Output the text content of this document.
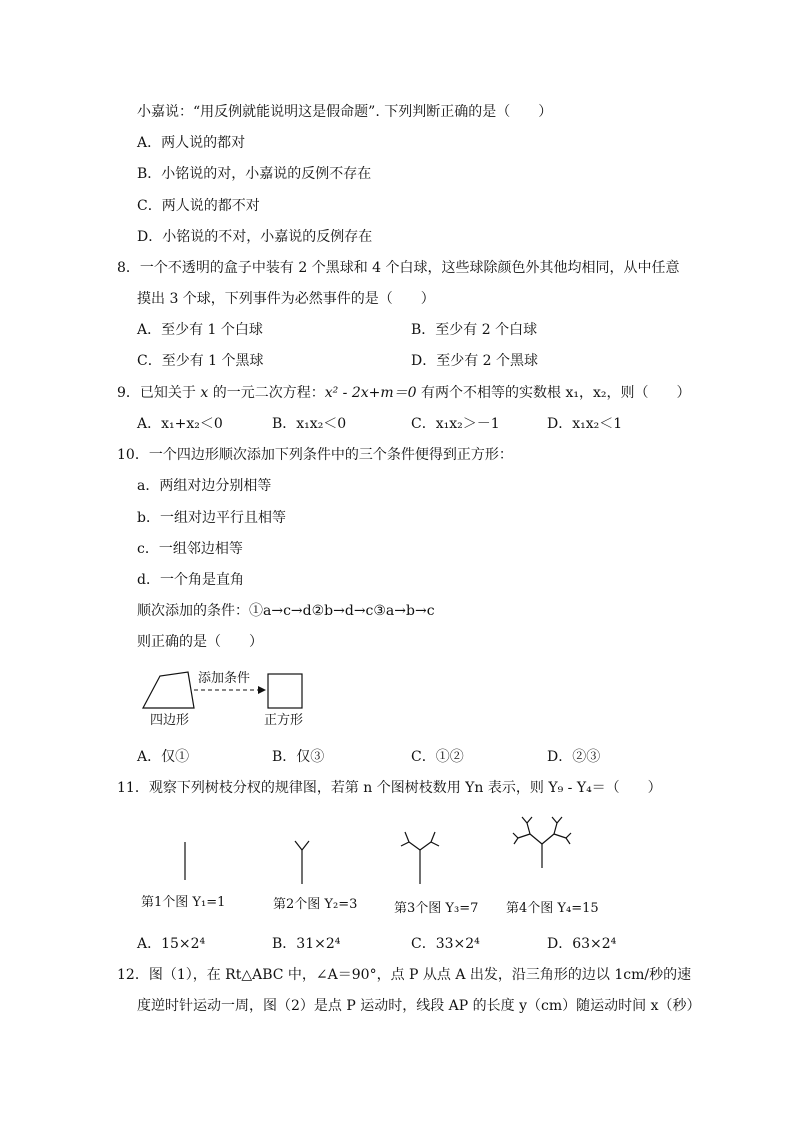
小嘉说：“用反例就能说明这是假命题”. 下列判断正确的是（　　）
A．两人说的都对
B．小铭说的对，小嘉说的反例不存在
C．两人说的都不对
D．小铭说的不对，小嘉说的反例存在
8．一个不透明的盒子中装有 2 个黑球和 4 个白球，这些球除颜色外其他均相同，从中任意
摸出 3 个球，下列事件为必然事件的是（　　）
A．至少有 1 个白球	B．至少有 2 个白球
C．至少有 1 个黑球	D．至少有 2 个黑球
9．已知关于 x 的一元二次方程：x² - 2x+m＝0 有两个不相等的实数根 x₁，x₂，则（　　）
A．x₁+x₂＜0	B．x₁x₂＜0	C．x₁x₂＞－1	D．x₁x₂＜1
10．一个四边形顺次添加下列条件中的三个条件便得到正方形：
a．两组对边分别相等
b．一组对边平行且相等
c．一组邻边相等
d．一个角是直角
顺次添加的条件：①a→c→d②b→d→c③a→b→c
则正确的是（　　）
添加条件
四边形	正方形
A．仅①	B．仅③	C．①②	D．②③
11．观察下列树枝分杈的规律图，若第 n 个图树枝数用 Yn 表示，则 Y₉ - Y₄＝（　　）
第1个图 Y₁=1	第2个图 Y₂=3	第3个图 Y₃=7 第4个图 Y₄=15
A．15×2⁴	B．31×2⁴	C．33×2⁴	D．63×2⁴
12．图（1），在 Rt△ABC 中，∠A＝90°，点 P 从点 A 出发，沿三角形的边以 1cm/秒的速
度逆时针运动一周，图（2）是点 P 运动时，线段 AP 的长度 y（cm）随运动时间 x（秒）
